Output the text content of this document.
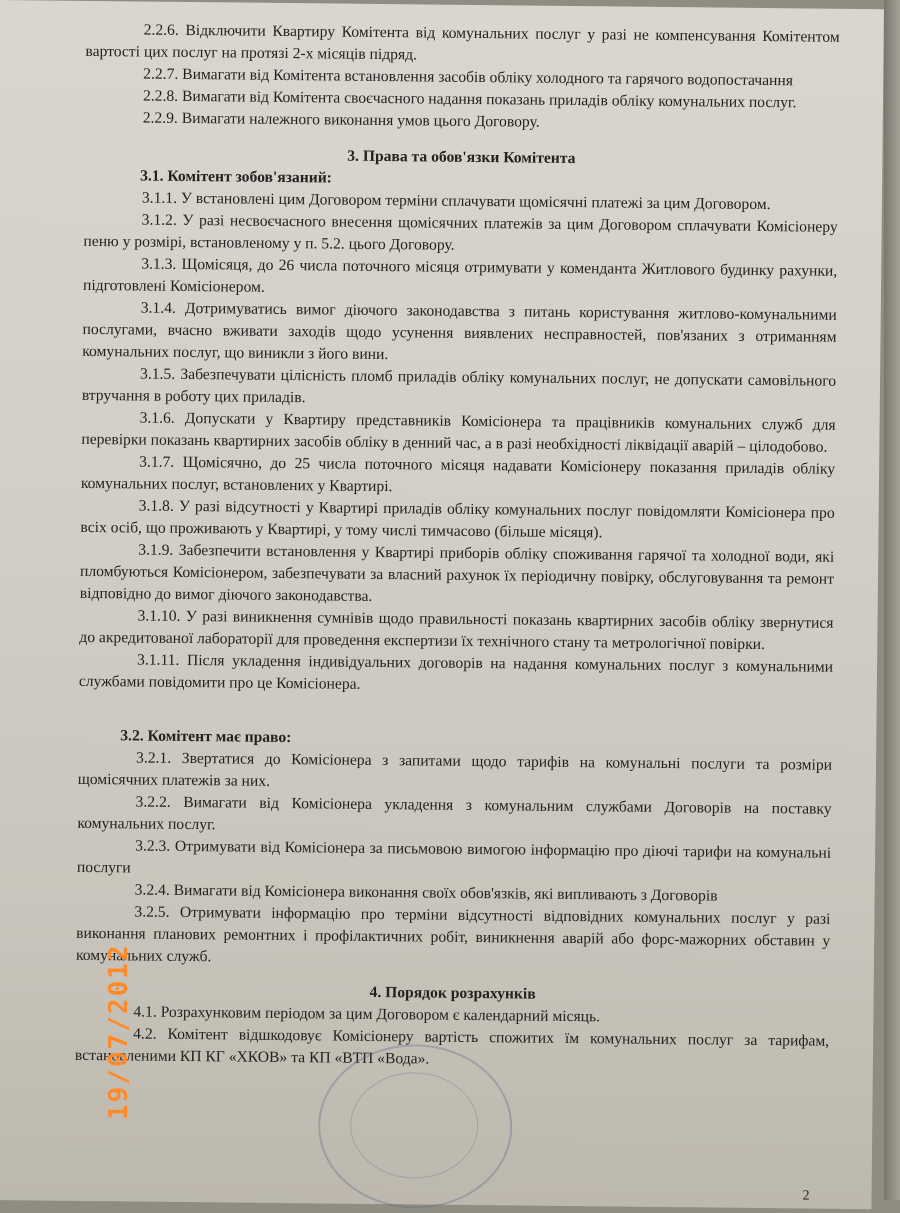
2.2.6. Відключити Квартиру Комітента від комунальних послуг у разі не компенсування Комітентом вартості цих послуг на протязі 2-х місяців підряд.

2.2.7. Вимагати від Комітента встановлення засобів обліку холодного та гарячого водопостачання

2.2.8. Вимагати від Комітента своєчасного надання показань приладів обліку комунальних послуг.

2.2.9. Вимагати належного виконання умов цього Договору.

3. Права та обов'язки Комітента

3.1. Комітент зобов'язаний:

3.1.1. У встановлені цим Договором терміни сплачувати щомісячні платежі за цим Договором.

3.1.2. У разі несвоєчасного внесення щомісячних платежів за цим Договором сплачувати Комісіонеру пеню у розмірі, встановленому у п. 5.2. цього Договору.

3.1.3. Щомісяця, до 26 числа поточного місяця отримувати у коменданта Житлового будинку рахунки, підготовлені Комісіонером.

3.1.4. Дотримуватись вимог діючого законодавства з питань користування житлово-комунальними послугами, вчасно вживати заходів щодо усунення виявлених несправностей, пов'язаних з отриманням комунальних послуг, що виникли з його вини.

3.1.5. Забезпечувати цілісність пломб приладів обліку комунальних послуг, не допускати самовільного втручання в роботу цих приладів.

3.1.6. Допускати у Квартиру представників Комісіонера та працівників комунальних служб для перевірки показань квартирних засобів обліку в денний час, а в разі необхідності ліквідації аварій – цілодобово.

3.1.7. Щомісячно, до 25 числа поточного місяця надавати Комісіонеру показання приладів обліку комунальних послуг, встановлених у Квартирі.

3.1.8. У разі відсутності у Квартирі приладів обліку комунальних послуг повідомляти Комісіонера про всіх осіб, що проживають у Квартирі, у тому числі тимчасово (більше місяця).

3.1.9. Забезпечити встановлення у Квартирі приборів обліку споживання гарячої та холодної води, які пломбуються Комісіонером, забезпечувати за власний рахунок їх періодичну повірку, обслуговування та ремонт відповідно до вимог діючого законодавства.

3.1.10. У разі виникнення сумнівів щодо правильності показань квартирних засобів обліку звернутися до акредитованої лабораторії для проведення експертизи їх технічного стану та метрологічної повірки.

3.1.11. Після укладення індивідуальних договорів на надання комунальних послуг з комунальними службами повідомити про це Комісіонера.

3.2. Комітент має право:

3.2.1. Звертатися до Комісіонера з запитами щодо тарифів на комунальні послуги та розміри щомісячних платежів за них.

3.2.2. Вимагати від Комісіонера укладення з комунальним службами Договорів на поставку комунальних послуг.

3.2.3. Отримувати від Комісіонера за письмовою вимогою інформацію про діючі тарифи на комунальні послуги

3.2.4. Вимагати від Комісіонера виконання своїх обов'язків, які випливають з Договорів

3.2.5. Отримувати інформацію про терміни відсутності відповідних комунальних послуг у разі виконання планових ремонтних і профілактичних робіт, виникнення аварій або форс-мажорних обставин у комунальних служб.

4. Порядок розрахунків

4.1. Розрахунковим періодом за цим Договором є календарний місяць.

4.2. Комітент відшкодовує Комісіонеру вартість спожитих їм комунальних послуг за тарифам, встановленими КП КГ «ХКОВ» та КП «ВТП «Вода».

2
